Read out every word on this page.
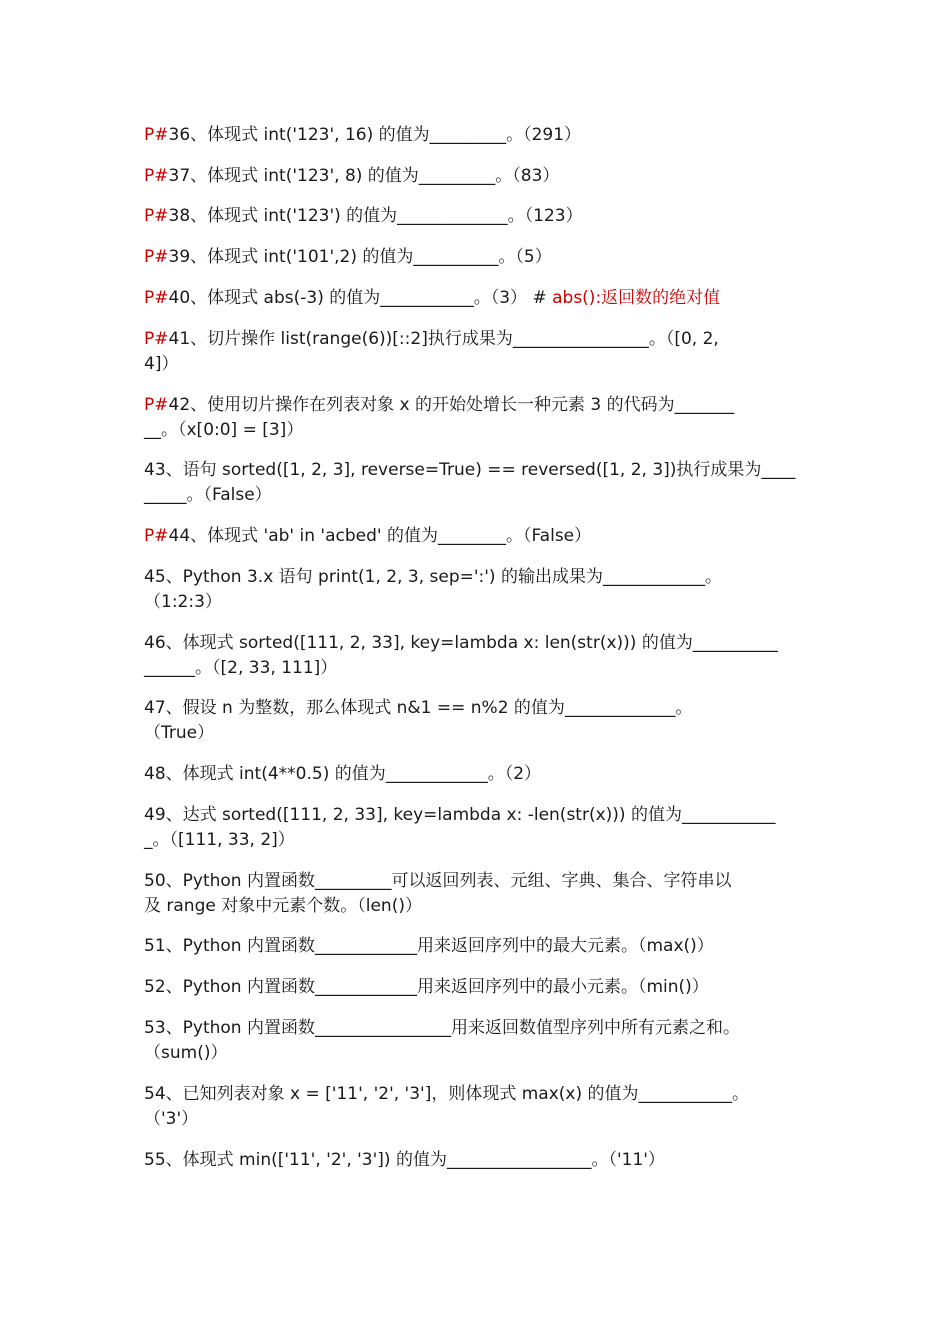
P#36、体现式 int('123', 16) 的值为_________。（291）
P#37、体现式 int('123', 8) 的值为_________。（83）
P#38、体现式 int('123') 的值为_____________。（123）
P#39、体现式 int('101',2) 的值为__________。（5）
P#40、体现式 abs(-3) 的值为___________。（3） # abs():返回数的绝对值
P#41、切片操作 list(range(6))[::2]执行成果为________________。（[0, 2,
4]）
P#42、使用切片操作在列表对象 x 的开始处增长一种元素 3 的代码为_______
__。（x[0:0] = [3]）
43、语句 sorted([1, 2, 3], reverse=True) == reversed([1, 2, 3])执行成果为____
_____。（False）
P#44、体现式 'ab' in 'acbed' 的值为________。（False）
45、Python 3.x 语句 print(1, 2, 3, sep=':') 的输出成果为____________。
（1:2:3）
46、体现式 sorted([111, 2, 33], key=lambda x: len(str(x))) 的值为__________
______。（[2, 33, 111]）
47、假设 n 为整数，那么体现式 n&1 == n%2 的值为_____________。
（True）
48、体现式 int(4**0.5) 的值为____________。（2）
49、达式 sorted([111, 2, 33], key=lambda x: -len(str(x))) 的值为___________
_。（[111, 33, 2]）
50、Python 内置函数_________可以返回列表、元组、字典、集合、字符串以
及 range 对象中元素个数。（len()）
51、Python 内置函数____________用来返回序列中的最大元素。（max()）
52、Python 内置函数____________用来返回序列中的最小元素。（min()）
53、Python 内置函数________________用来返回数值型序列中所有元素之和。
（sum()）
54、已知列表对象 x = ['11', '2', '3']，则体现式 max(x) 的值为___________。
（'3'）
55、体现式 min(['11', '2', '3']) 的值为_________________。（'11'）
